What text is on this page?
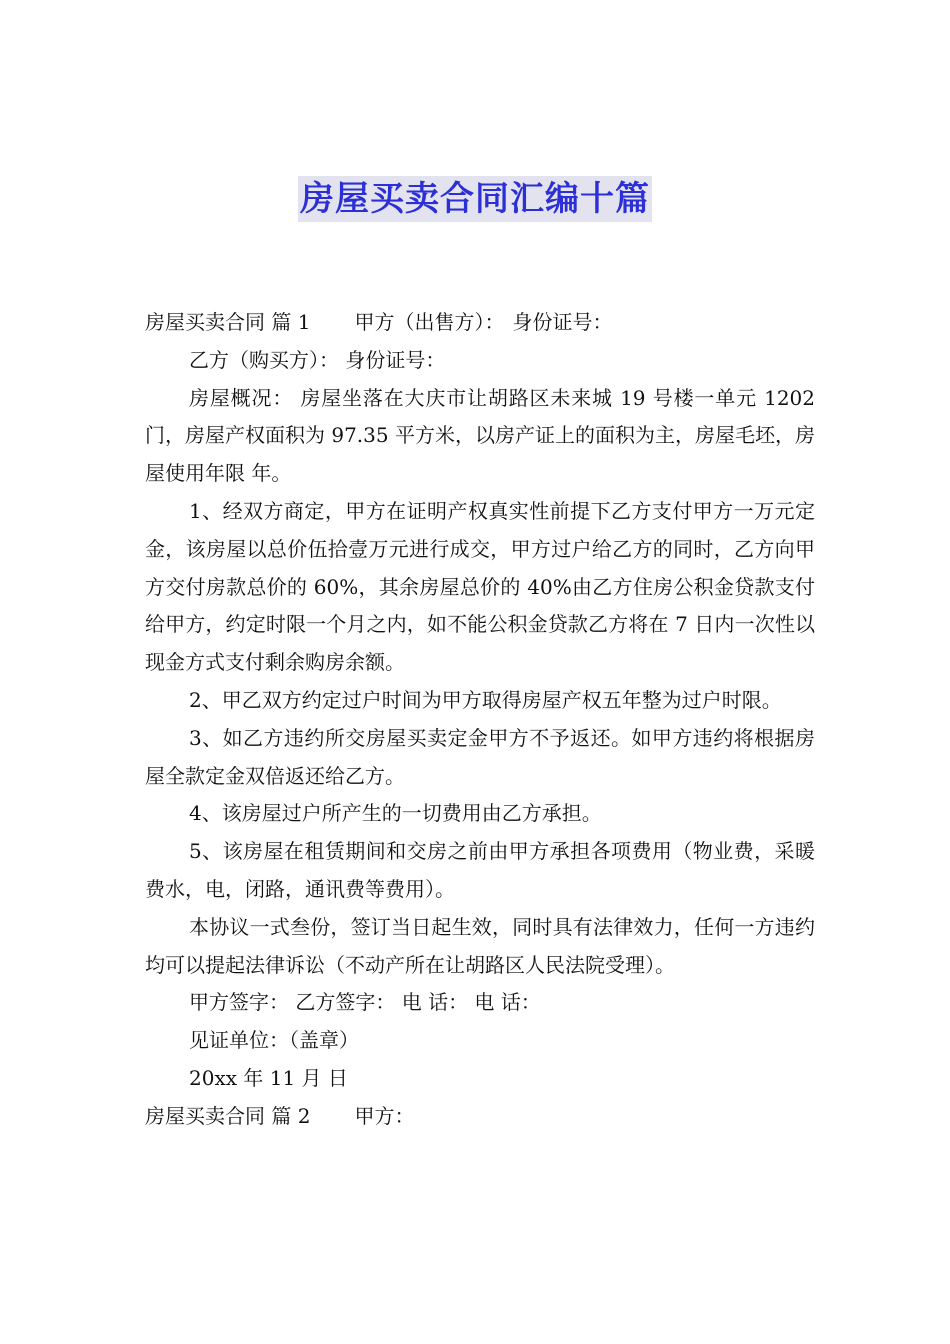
房屋买卖合同汇编十篇

房屋买卖合同 篇 1 甲方（出售方）： 身份证号：

乙方（购买方）： 身份证号：

房屋概况： 房屋坐落在大庆市让胡路区未来城 19 号楼一单元 1202 门，房屋产权面积为 97.35 平方米，以房产证上的面积为主，房屋毛坯，房屋使用年限 年。

1、经双方商定，甲方在证明产权真实性前提下乙方支付甲方一万元定金，该房屋以总价伍拾壹万元进行成交，甲方过户给乙方的同时，乙方向甲方交付房款总价的 60%，其余房屋总价的 40%由乙方住房公积金贷款支付给甲方，约定时限一个月之内，如不能公积金贷款乙方将在 7 日内一次性以现金方式支付剩余购房余额。

2、甲乙双方约定过户时间为甲方取得房屋产权五年整为过户时限。

3、如乙方违约所交房屋买卖定金甲方不予返还。如甲方违约将根据房屋全款定金双倍返还给乙方。

4、该房屋过户所产生的一切费用由乙方承担。

5、该房屋在租赁期间和交房之前由甲方承担各项费用（物业费，采暖费水，电，闭路，通讯费等费用）。

本协议一式叁份，签订当日起生效，同时具有法律效力，任何一方违约均可以提起法律诉讼（不动产所在让胡路区人民法院受理）。

甲方签字： 乙方签字： 电 话： 电 话：

见证单位：（盖章）

20xx 年 11 月 日

房屋买卖合同 篇 2 甲方：
